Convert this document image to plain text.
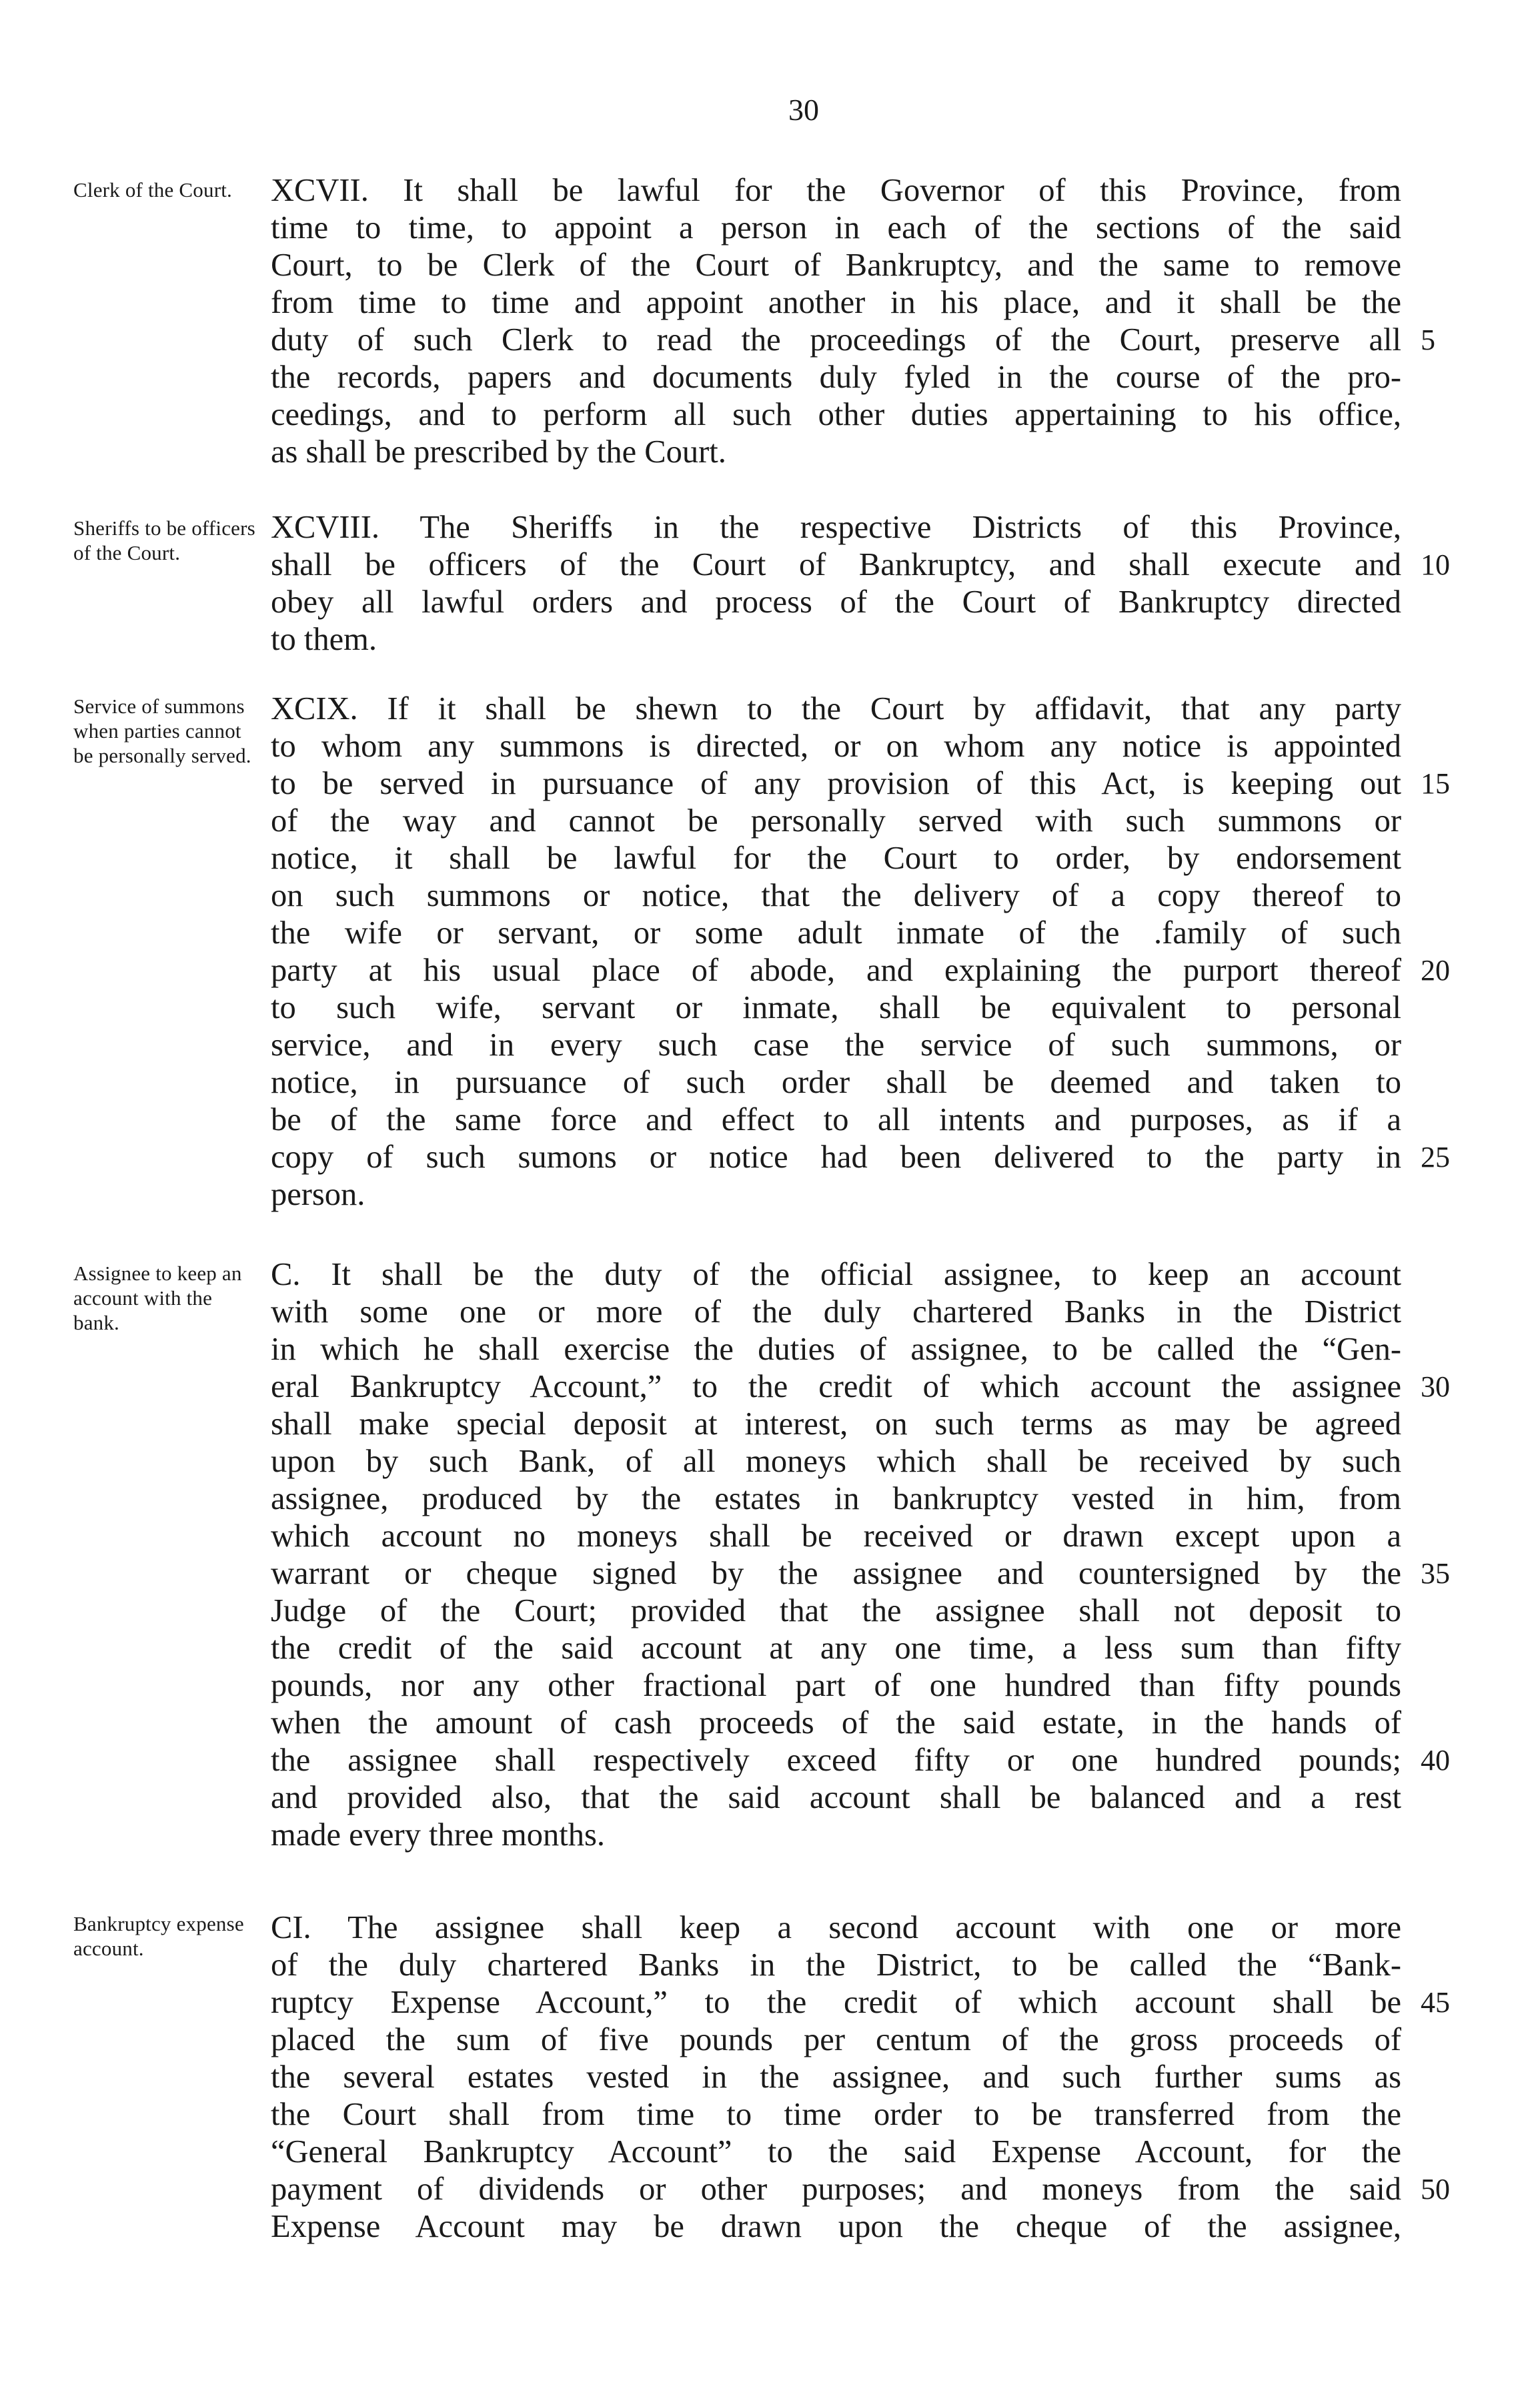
30
Clerk of the Court.	XCVII. It shall be lawful for the Governor of this Province, from
time to time, to appoint a person in each of the sections of the said
Court, to be Clerk of the Court of Bankruptcy, and the same to remove
from time to time and appoint another in his place, and it shall be the
duty of such Clerk to read the proceedings of the Court, preserve all
the records, papers and documents duly fyled in the course of the pro-
ceedings, and to perform all such other duties appertaining to his office,
as shall be prescribed by the Court.
Sheriffs to be officers of the Court.
XCVIII. The Sheriffs in the respective Districts of this Province,
shall be officers of the Court of Bankruptcy, and shall execute and
obey all lawful orders and process of the Court of Bankruptcy directed
to them.
Service of summons when parties cannot be personally served.
XCIX. If it shall be shewn to the Court by affidavit, that any party
to whom any summons is directed, or on whom any notice is appointed
to be served in pursuance of any provision of this Act, is keeping out
of the way and cannot be personally served with such summons or
notice, it shall be lawful for the Court to order, by endorsement
on such summons or notice, that the delivery of a copy thereof to
the wife or servant, or some adult inmate of the .family of such
party at his usual place of abode, and explaining the purport thereof
to such wife, servant or inmate, shall be equivalent to personal
service, and in every such case the service of such summons, or
notice, in pursuance of such order shall be deemed and taken to
be of the same force and effect to all intents and purposes, as if a
copy of such sumons or notice had been delivered to the party in
person.
Assignee to keep an account with the bank.
C. It shall be the duty of the official assignee, to keep an account
with some one or more of the duly chartered Banks in the District
in which he shall exercise the duties of assignee, to be called the “Gen-
eral Bankruptcy Account,” to the credit of which account the assignee
shall make special deposit at interest, on such terms as may be agreed
upon by such Bank, of all moneys which shall be received by such
assignee, produced by the estates in bankruptcy vested in him, from
which account no moneys shall be received or drawn except upon a
warrant or cheque signed by the assignee and countersigned by the
Judge of the Court; provided that the assignee shall not deposit to
the credit of the said account at any one time, a less sum than fifty
pounds, nor any other fractional part of one hundred than fifty pounds
when the amount of cash proceeds of the said estate, in the hands of
the assignee shall respectively exceed fifty or one hundred pounds;
and provided also, that the said account shall be balanced and a rest
made every three months.
Bankruptcy expense account.
CI. The assignee shall keep a second account with one or more
of the duly chartered Banks in the District, to be called the “Bank-
ruptcy Expense Account,” to the credit of which account shall be
placed the sum of five pounds per centum of the gross proceeds of
the several estates vested in the assignee, and such further sums as
the Court shall from time to time order to be transferred from the
“General Bankruptcy Account” to the said Expense Account, for the
payment of dividends or other purposes; and moneys from the said
Expense Account may be drawn upon the cheque of the assignee,
5
10
15
20
25
30
35
40
45
50
